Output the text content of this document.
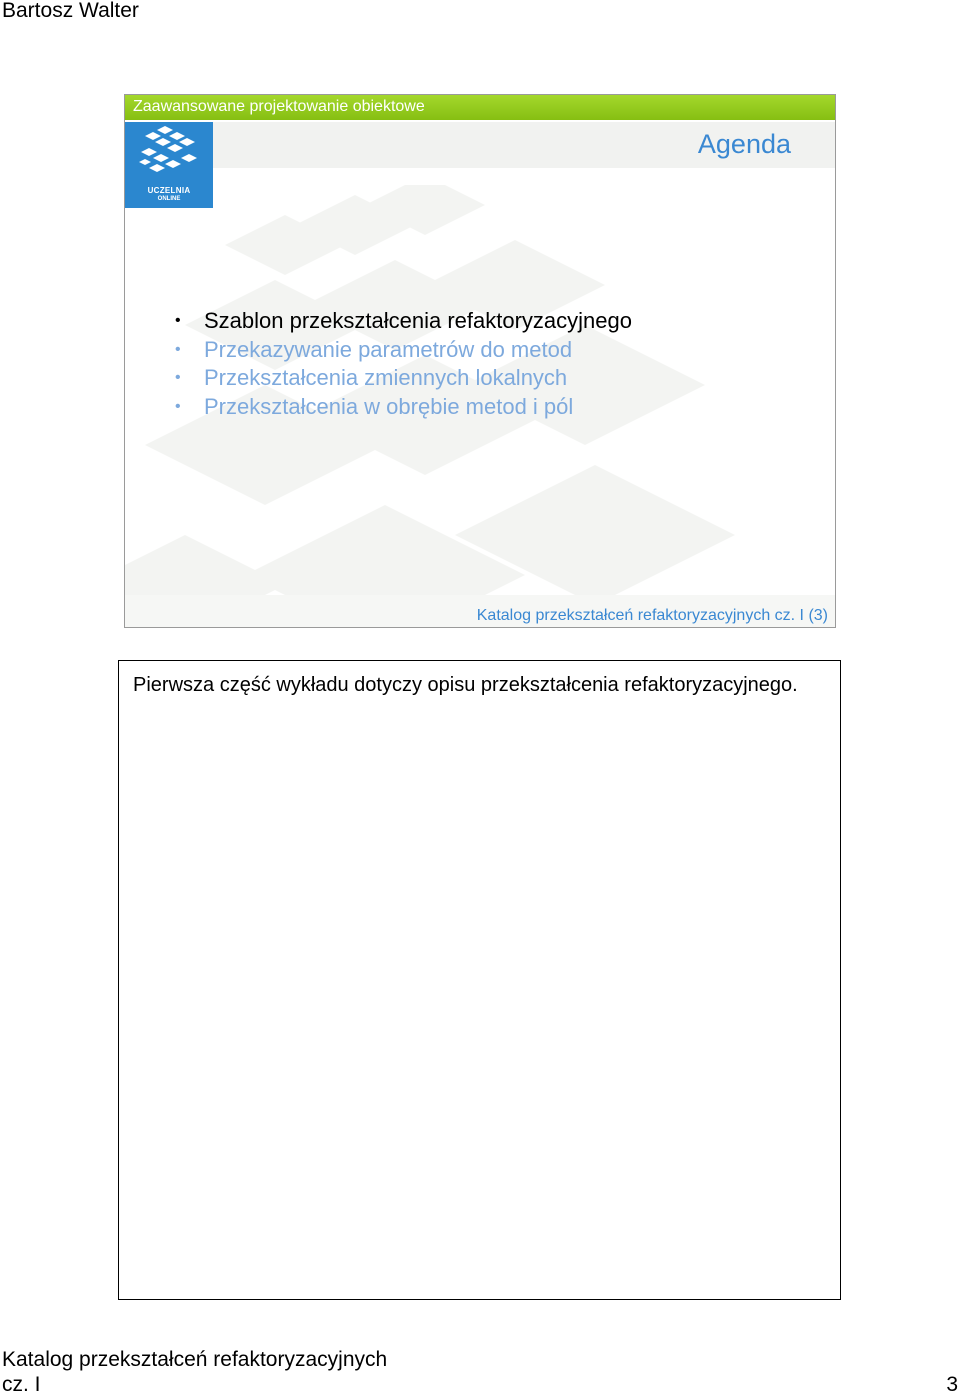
Bartosz Walter
Zaawansowane projektowanie obiektowe
UCZELNIA
ONLINE
Agenda
• Szablon przekształcenia refaktoryzacyjnego
• Przekazywanie parametrów do metod
• Przekształcenia zmiennych lokalnych
• Przekształcenia w obrębie metod i pól
Katalog przekształceń refaktoryzacyjnych cz. I (3)
Pierwsza część wykładu dotyczy opisu przekształcenia refaktoryzacyjnego.
Katalog przekształceń refaktoryzacyjnych
cz. I	3
